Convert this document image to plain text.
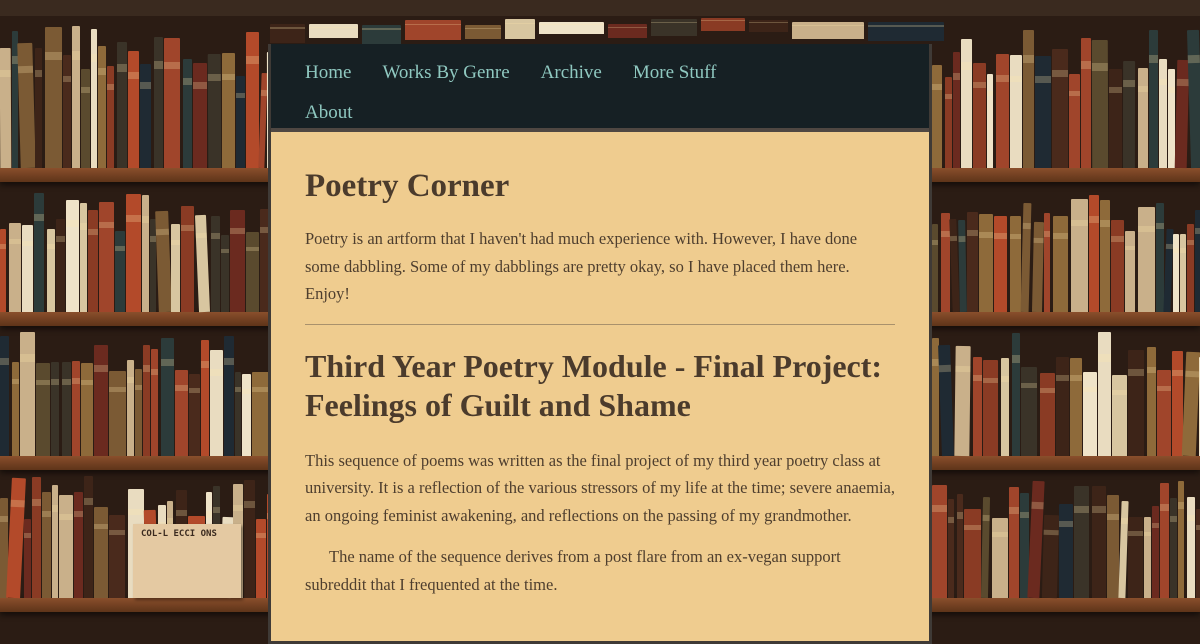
COL-L ECCI ONS
Home Works By Genre Archive More Stuff
About
Poetry Corner

Poetry is an artform that I haven't had much experience with. However, I have done some dabbling. Some of my dabblings are pretty okay, so I have placed them here. Enjoy!

Third Year Poetry Module - Final Project: Feelings of Guilt and Shame

This sequence of poems was written as the final project of my third year poetry class at university. It is a reflection of the various stressors of my life at the time; severe anaemia, an ongoing feminist awakening, and reflections on the passing of my grandmother.

The name of the sequence derives from a post flare from an ex-vegan support subreddit that I frequented at the time.
